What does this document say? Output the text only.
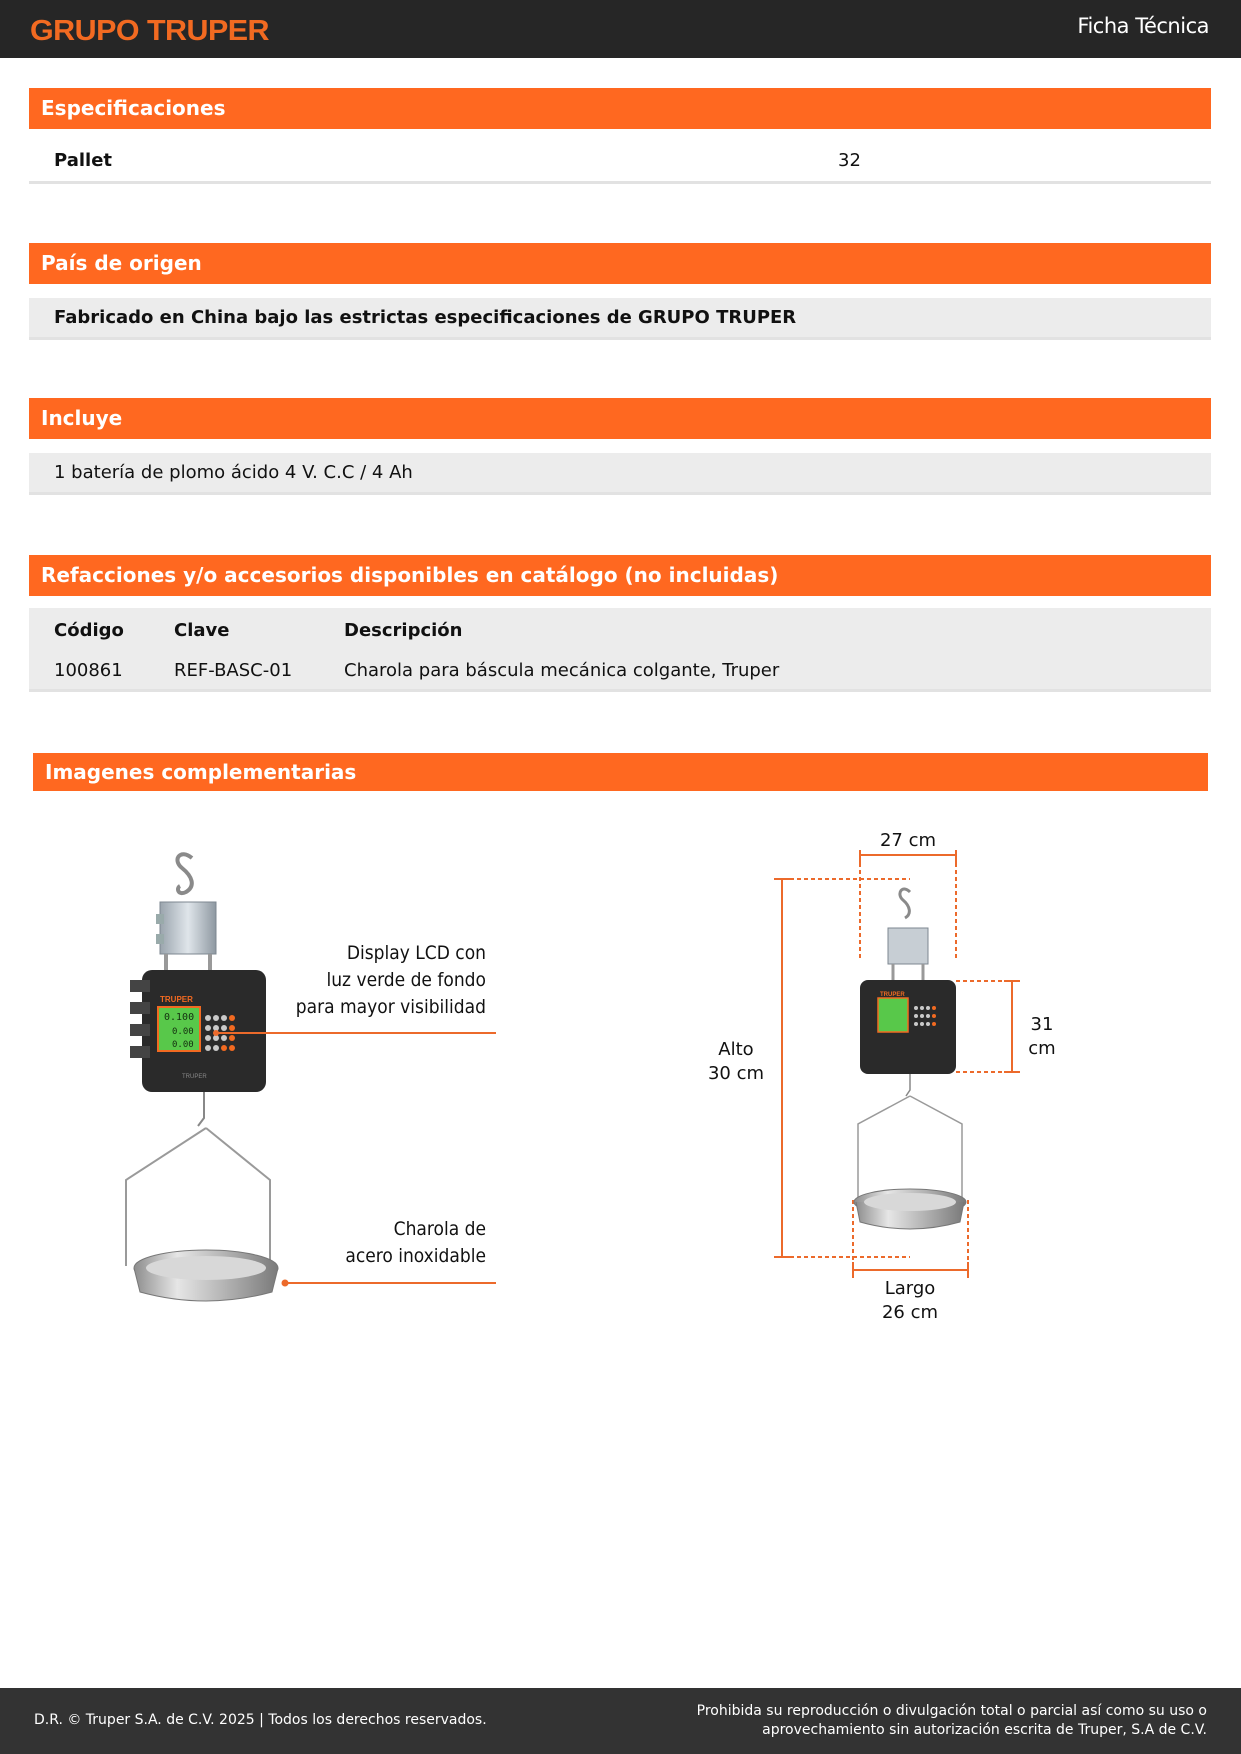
GRUPO TRUPER	Ficha Técnica
Especificaciones
Pallet	32
País de origen
Fabricado en China bajo las estrictas especificaciones de GRUPO TRUPER
Incluye
1 batería de plomo ácido 4 V. C.C / 4 Ah
Refacciones y/o accesorios disponibles en catálogo (no incluidas)
Código	Clave	Descripción
100861	REF-BASC-01	Charola para báscula mecánica colgante, Truper
Imagenes complementarias
TRUPER
0.100
0.00
0.00
TRUPER
Display LCD con
luz verde de fondo
para mayor visibilidad
Charola de
acero inoxidable
TRUPER
27 cm
31 cm
Alto
30 cm
Largo
26 cm
D.R. © Truper S.A. de C.V. 2025 | Todos los derechos reservados.
Prohibida su reproducción o divulgación total o parcial así como su uso o
aprovechamiento sin autorización escrita de Truper, S.A de C.V.
